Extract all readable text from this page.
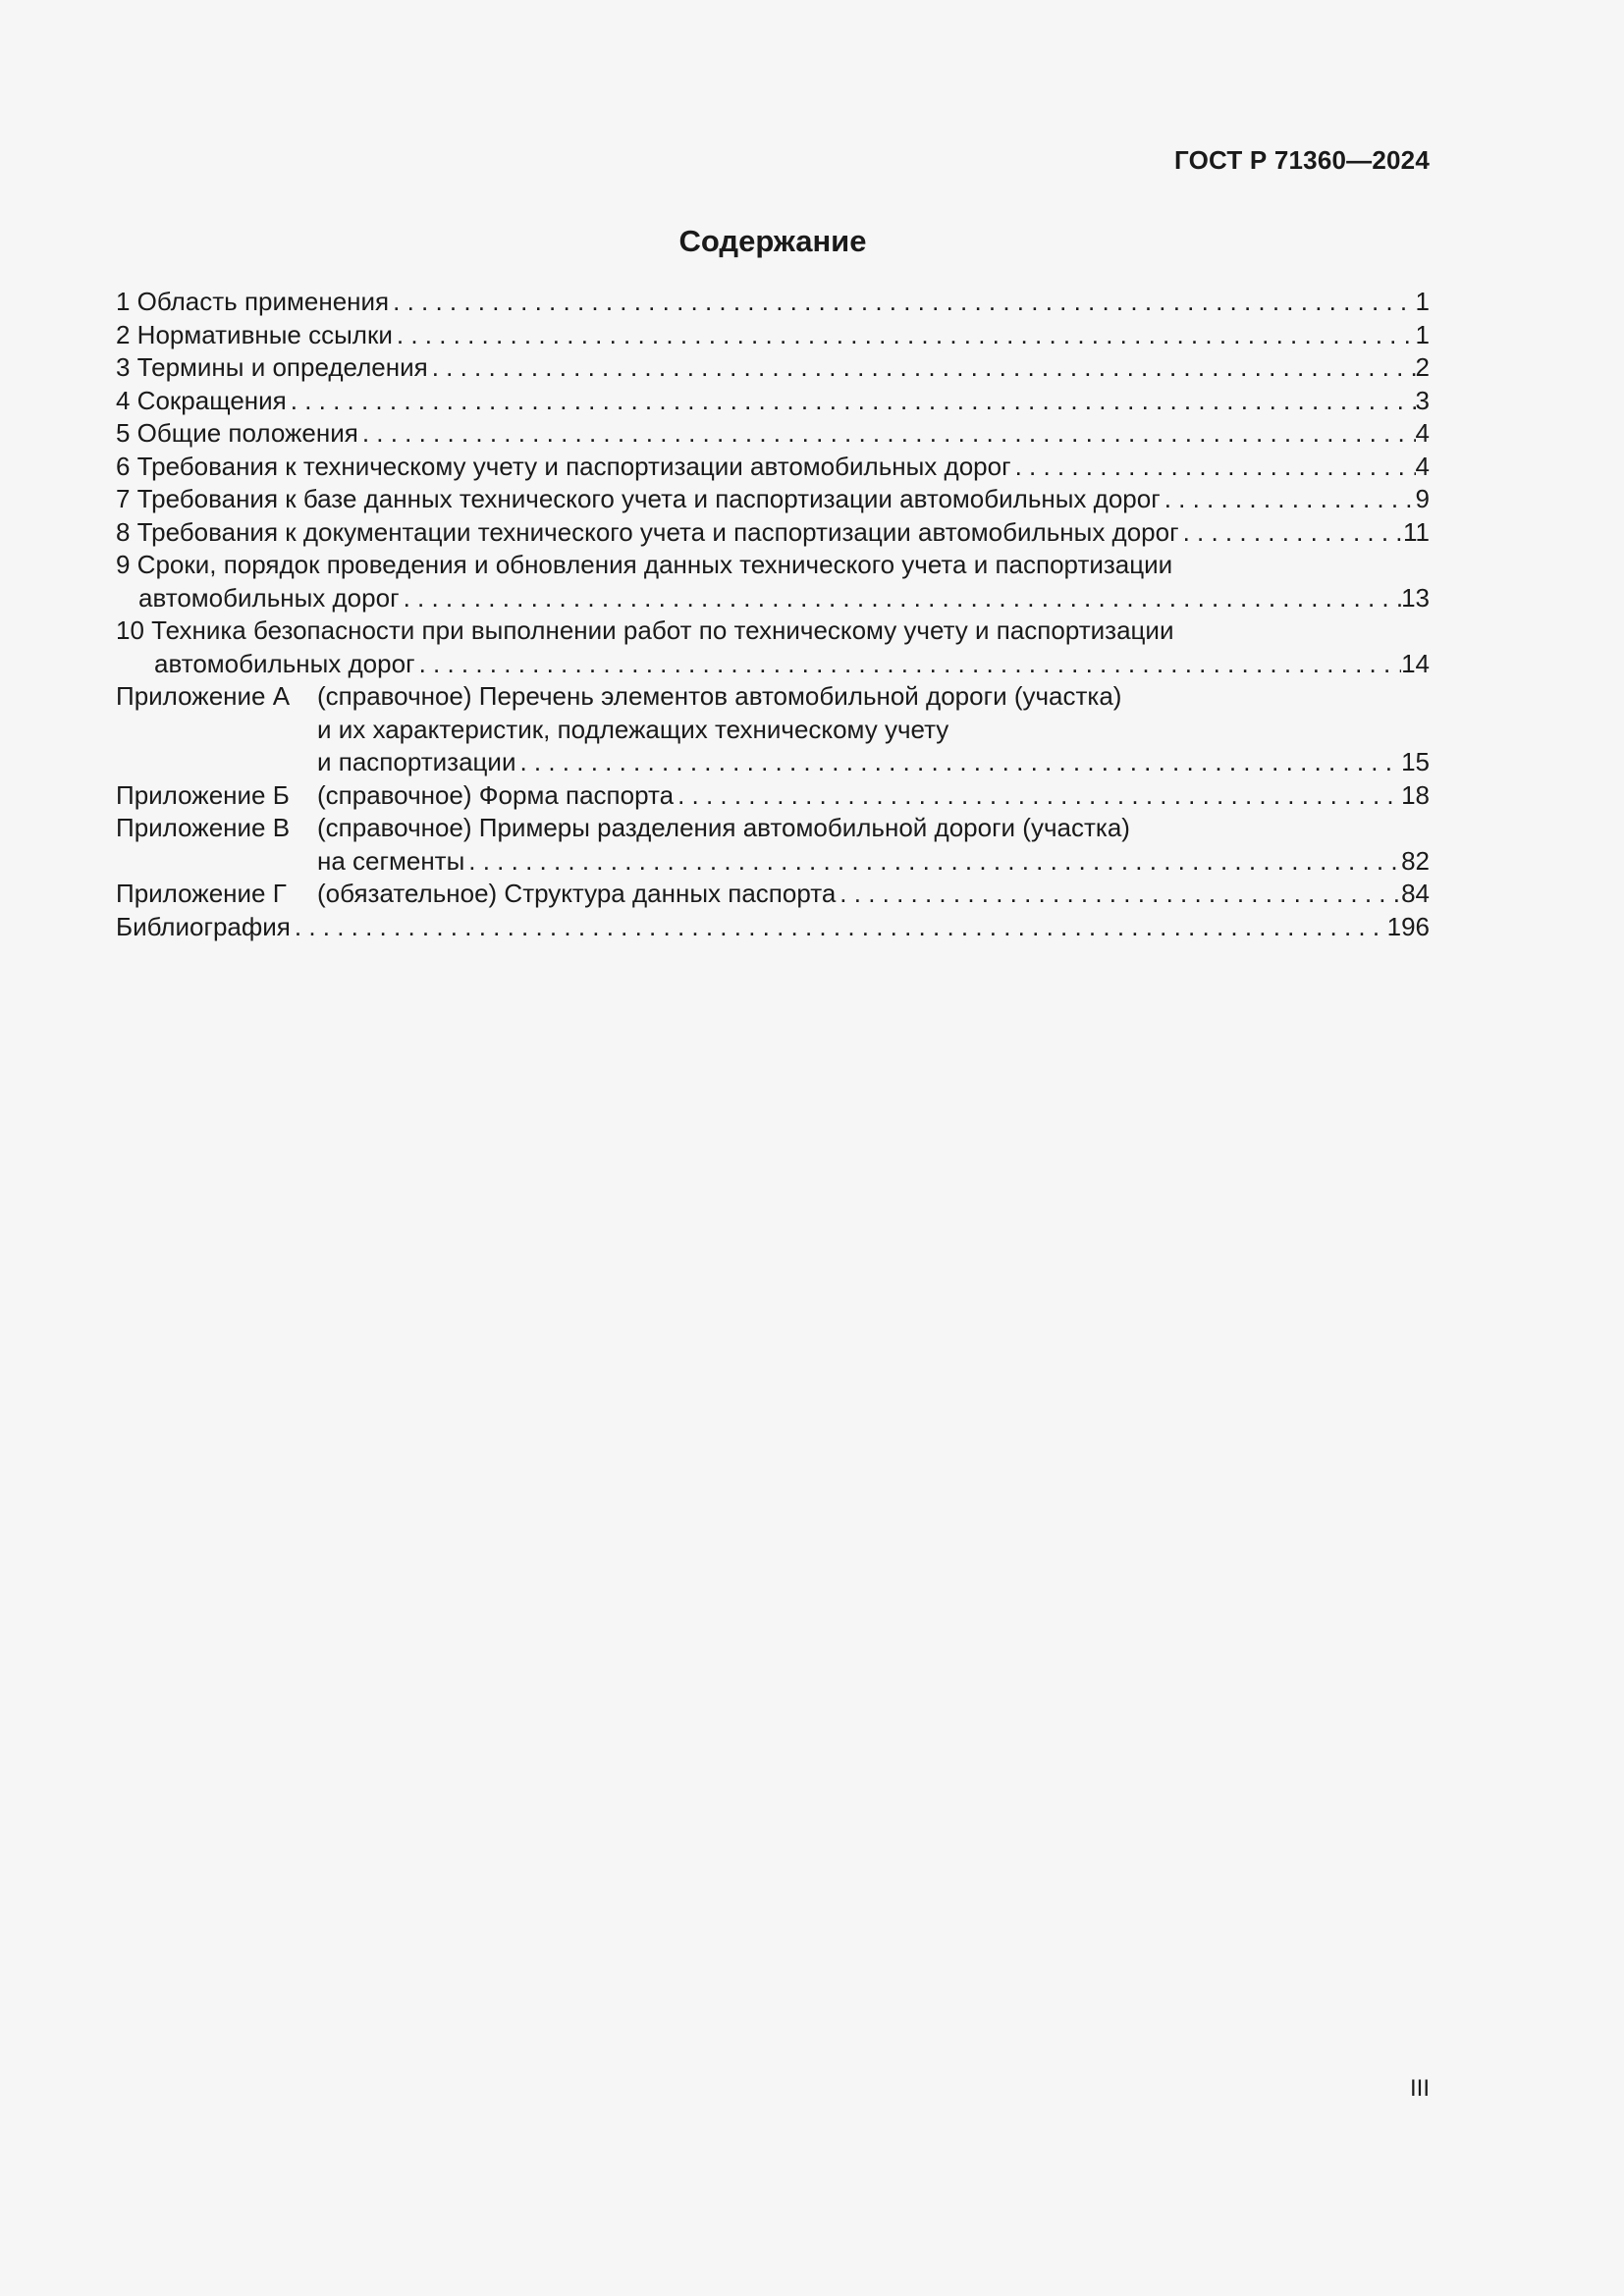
ГОСТ Р 71360—2024
Содержание
1 Область применения . . .	1
2 Нормативные ссылки . . .	1
3 Термины и определения . . .	2
4 Сокращения . . .	3
5 Общие положения . . .	4
6 Требования к техническому учету и паспортизации автомобильных дорог . . .	4
7 Требования к базе данных технического учета и паспортизации автомобильных дорог . . .	9
8 Требования к документации технического учета и паспортизации автомобильных дорог . . .	11
9 Сроки, порядок проведения и обновления данных технического учета и паспортизации
автомобильных дорог . . .	13
10 Техника безопасности при выполнении работ по техническому учету и паспортизации
автомобильных дорог . . .	14
Приложение А	(справочное) Перечень элементов автомобильной дороги (участка)
и их характеристик, подлежащих техническому учету
и паспортизации . . .	15
Приложение Б	(справочное) Форма паспорта . . .	18
Приложение В	(справочное) Примеры разделения автомобильной дороги (участка)
на сегменты . . .	82
Приложение Г	(обязательное) Структура данных паспорта . . .	84
Библиография . . .	196
III
